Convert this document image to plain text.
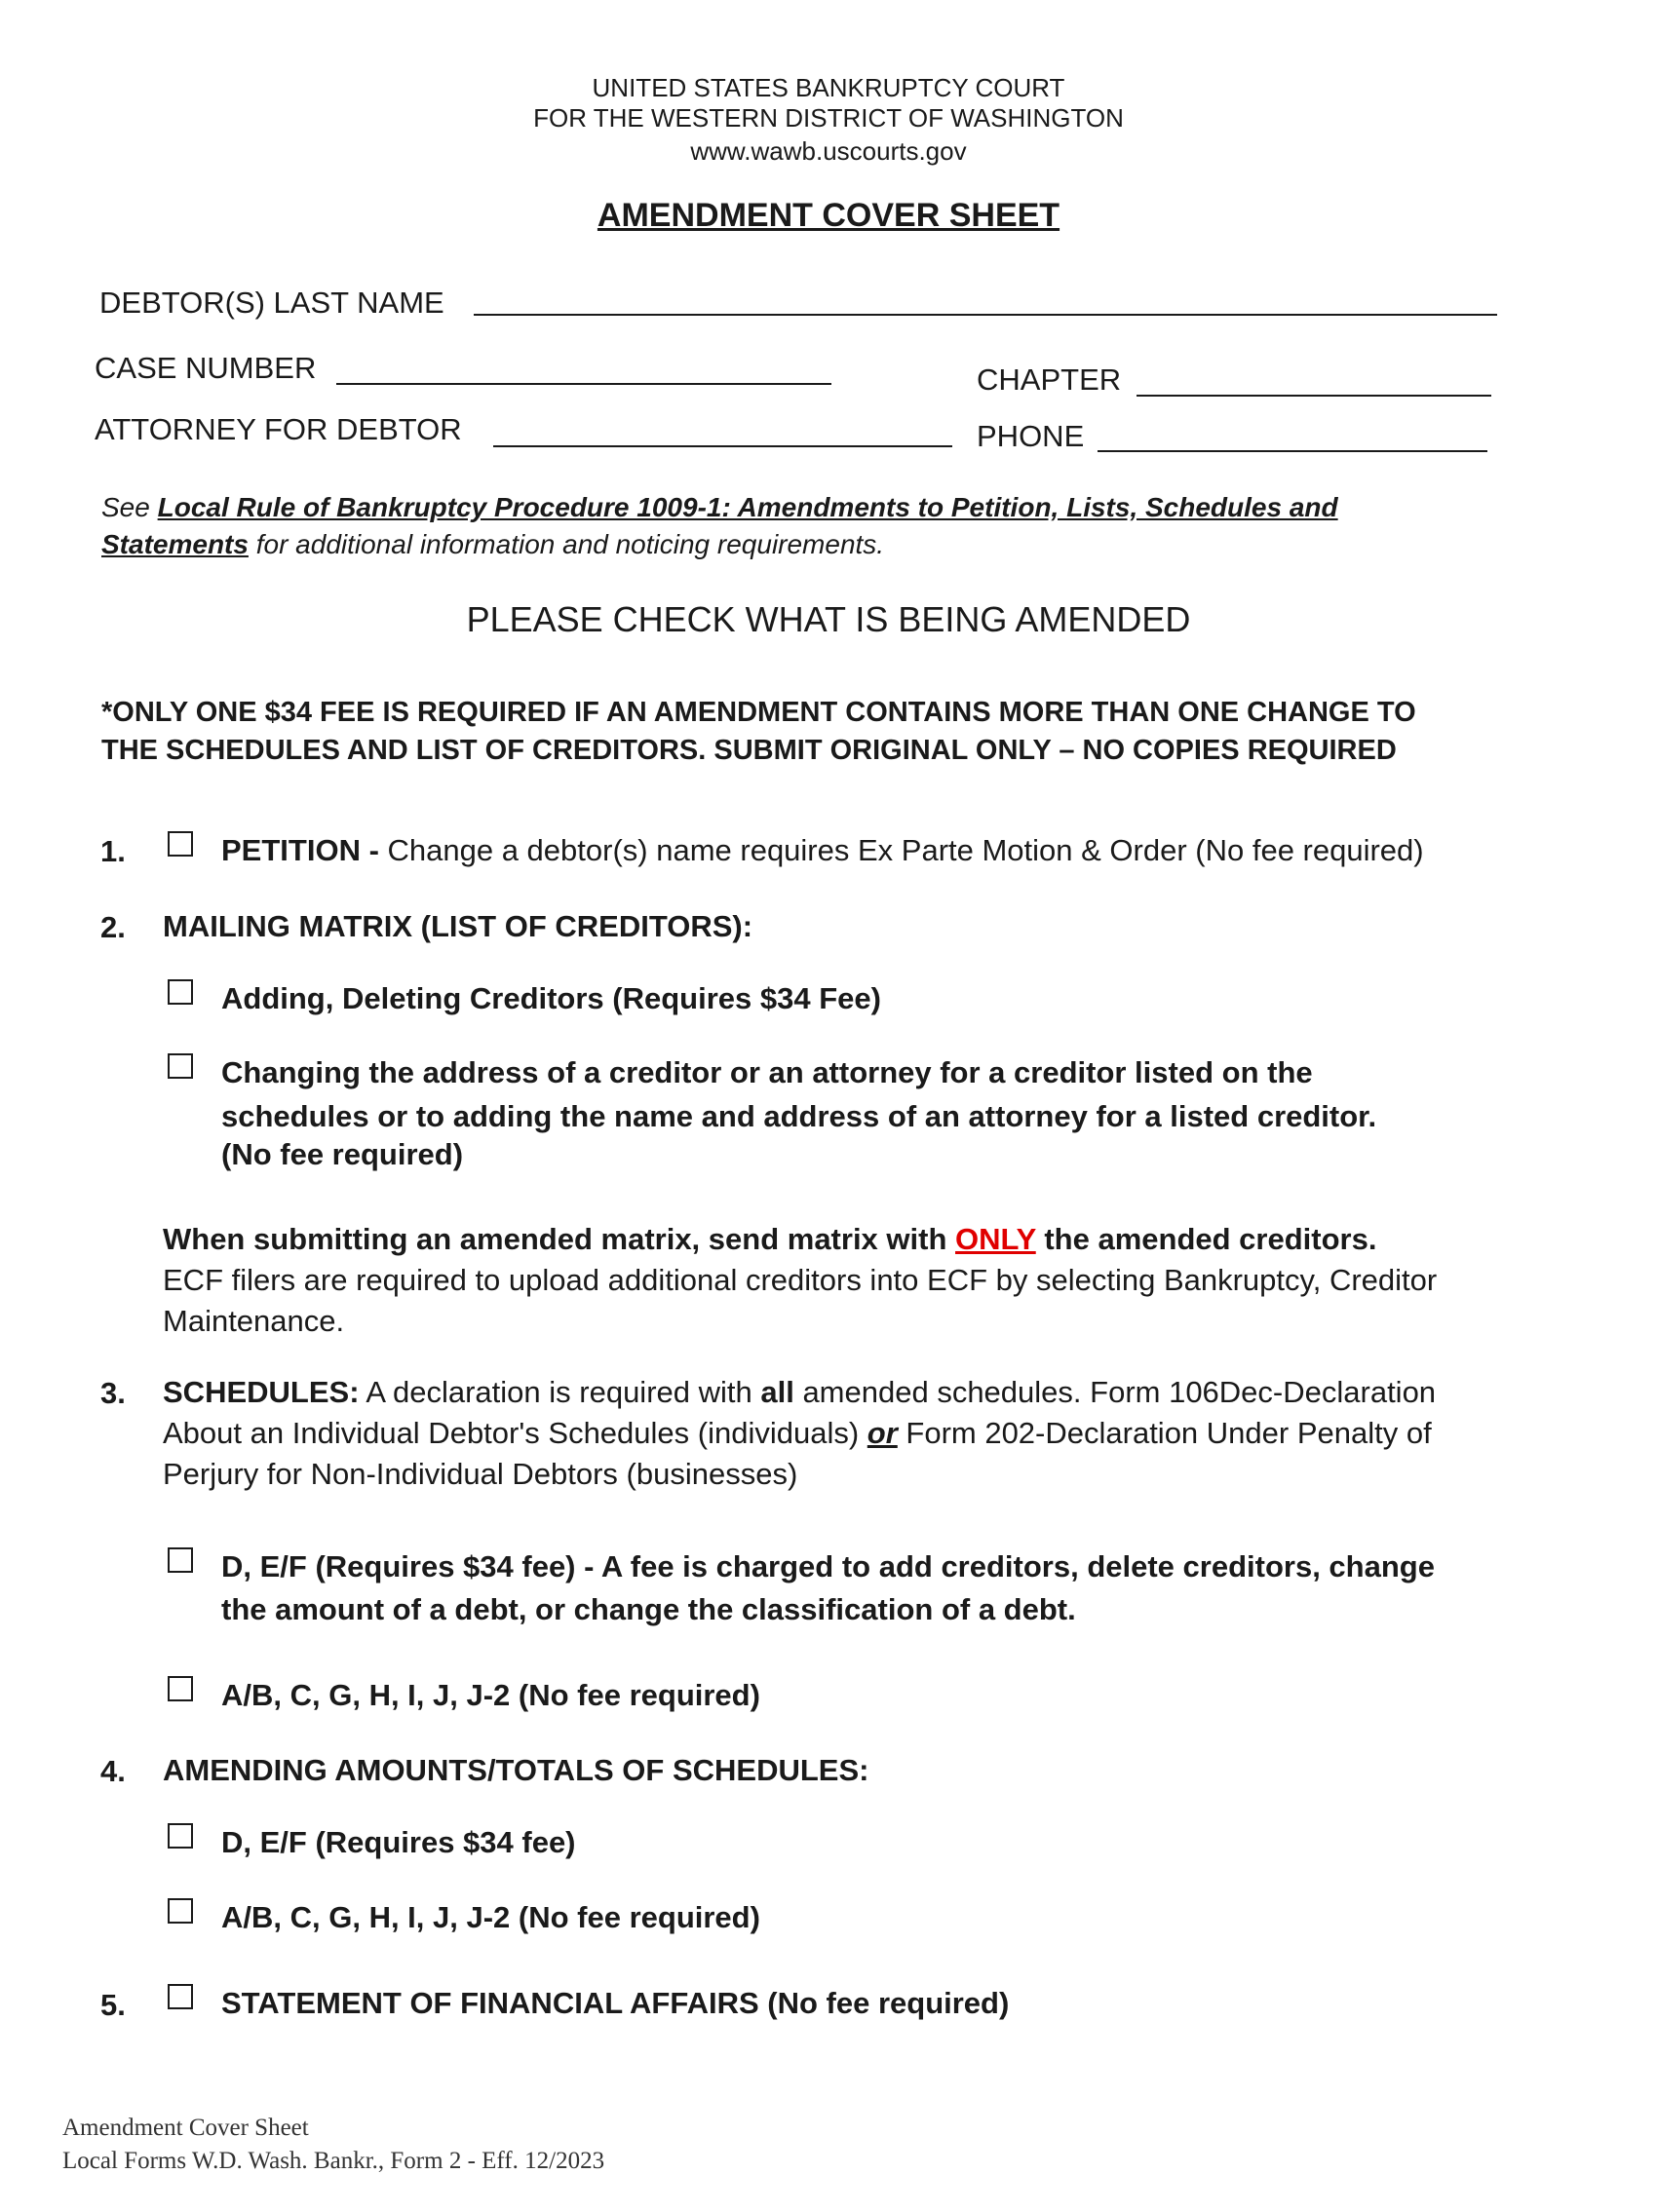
UNITED STATES BANKRUPTCY COURT
FOR THE WESTERN DISTRICT OF WASHINGTON
www.wawb.uscourts.gov
AMENDMENT COVER SHEET
DEBTOR(S) LAST NAME
CASE NUMBER	CHAPTER
ATTORNEY FOR DEBTOR	PHONE
See Local Rule of Bankruptcy Procedure 1009-1: Amendments to Petition, Lists, Schedules and
Statements for additional information and noticing requirements.
PLEASE CHECK WHAT IS BEING AMENDED
*ONLY ONE $34 FEE IS REQUIRED IF AN AMENDMENT CONTAINS MORE THAN ONE CHANGE TO
THE SCHEDULES AND LIST OF CREDITORS. SUBMIT ORIGINAL ONLY – NO COPIES REQUIRED
1.	PETITION - Change a debtor(s) name requires Ex Parte Motion & Order (No fee required)
2. MAILING MATRIX (LIST OF CREDITORS):
Adding, Deleting Creditors (Requires $34 Fee)
Changing the address of a creditor or an attorney for a creditor listed on the
schedules or to adding the name and address of an attorney for a listed creditor.
(No fee required)
When submitting an amended matrix, send matrix with ONLY the amended creditors.
ECF filers are required to upload additional creditors into ECF by selecting Bankruptcy, Creditor
Maintenance.
3. SCHEDULES: A declaration is required with all amended schedules. Form 106Dec-Declaration
About an Individual Debtor's Schedules (individuals) or Form 202-Declaration Under Penalty of
Perjury for Non-Individual Debtors (businesses)
D, E/F (Requires $34 fee) - A fee is charged to add creditors, delete creditors, change
the amount of a debt, or change the classification of a debt.
A/B, C, G, H, I, J, J-2 (No fee required)
4. AMENDING AMOUNTS/TOTALS OF SCHEDULES:
D, E/F (Requires $34 fee)
A/B, C, G, H, I, J, J-2 (No fee required)
5.	STATEMENT OF FINANCIAL AFFAIRS (No fee required)
Amendment Cover Sheet
Local Forms W.D. Wash. Bankr., Form 2 - Eff. 12/2023
